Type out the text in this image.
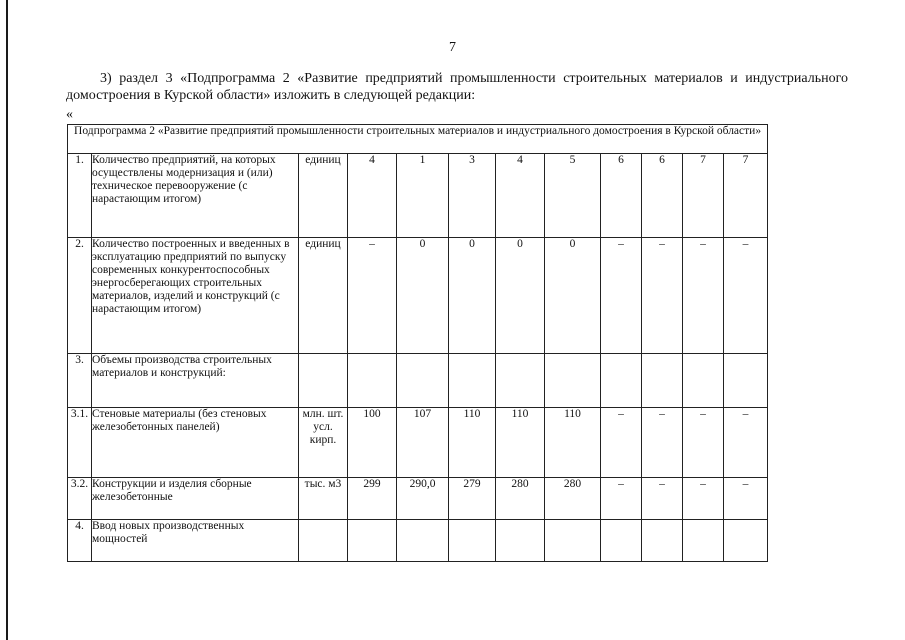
7
3) раздел 3 «Подпрограмма 2 «Развитие предприятий промышленности строительных материалов и индустриального домостроения в Курской области» изложить в следующей редакции:
«
Подпрограмма 2 «Развитие предприятий промышленности строительных материалов и индустриального домостроения в Курской области»											
1.	Количество предприятий, на которых осуществлены модернизация и (или) техническое перевооружение (с нарастающим итогом)	единиц	4	1	3	4	5	6	6	7	7
2.	Количество построенных и введенных в эксплуатацию предприятий по выпуску современных конкурентоспособных энергосберегающих строительных материалов, изделий и конструкций (с нарастающим итогом)	единиц	–	0	0	0	0	–	–	–	–
3.	Объемы производства строительных материалов и конструкций:										
3.1.	Стеновые материалы (без стеновых железобетонных панелей)	млн. шт. усл. кирп.	100	107	110	110	110	–	–	–	–
3.2.	Конструкции и изделия сборные железобетонные	тыс. м3	299	290,0	279	280	280	–	–	–	–
4.	Ввод новых производственных мощностей										
